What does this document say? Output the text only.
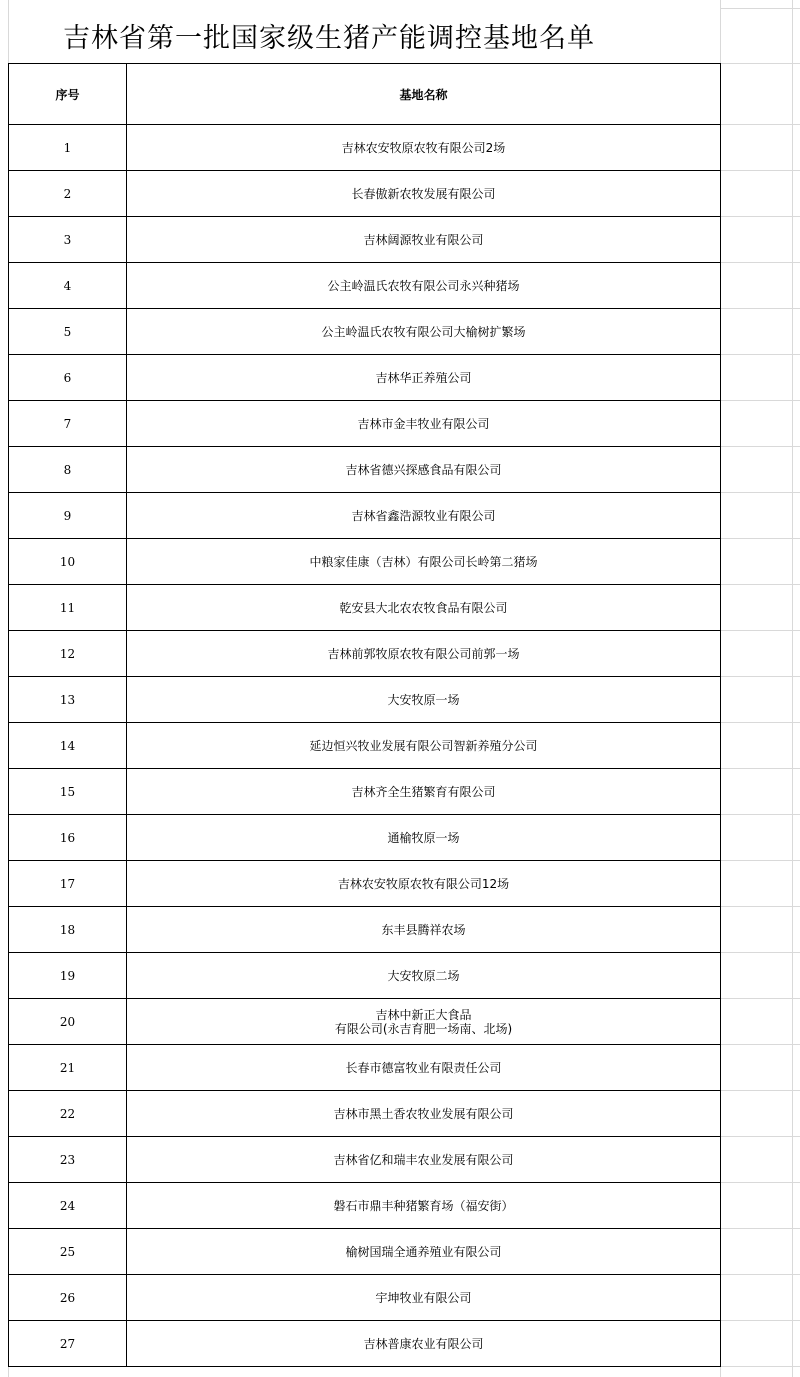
吉林省第一批国家级生猪产能调控基地名单
序号	基地名称
1	吉林农安牧原农牧有限公司2场
2	长春傲新农牧发展有限公司
3	吉林阔源牧业有限公司
4	公主岭温氏农牧有限公司永兴种猪场
5	公主岭温氏农牧有限公司大榆树扩繁场
6	吉林华正养殖公司
7	吉林市金丰牧业有限公司
8	吉林省德兴探感食品有限公司
9	吉林省鑫浩源牧业有限公司
10	中粮家佳康（吉林）有限公司长岭第二猪场
11	乾安县大北农农牧食品有限公司
12	吉林前郭牧原农牧有限公司前郭一场
13	大安牧原一场
14	延边恒兴牧业发展有限公司智新养殖分公司
15	吉林齐全生猪繁育有限公司
16	通榆牧原一场
17	吉林农安牧原农牧有限公司12场
18	东丰县腾祥农场
19	大安牧原二场
20	吉林中新正大食品
有限公司(永吉育肥一场南、北场)
21	长春市德富牧业有限责任公司
22	吉林市黑土香农牧业发展有限公司
23	吉林省亿和瑞丰农业发展有限公司
24	磐石市鼎丰种猪繁育场（福安街）
25	榆树国瑞全通养殖业有限公司
26	宇坤牧业有限公司
27	吉林普康农业有限公司
